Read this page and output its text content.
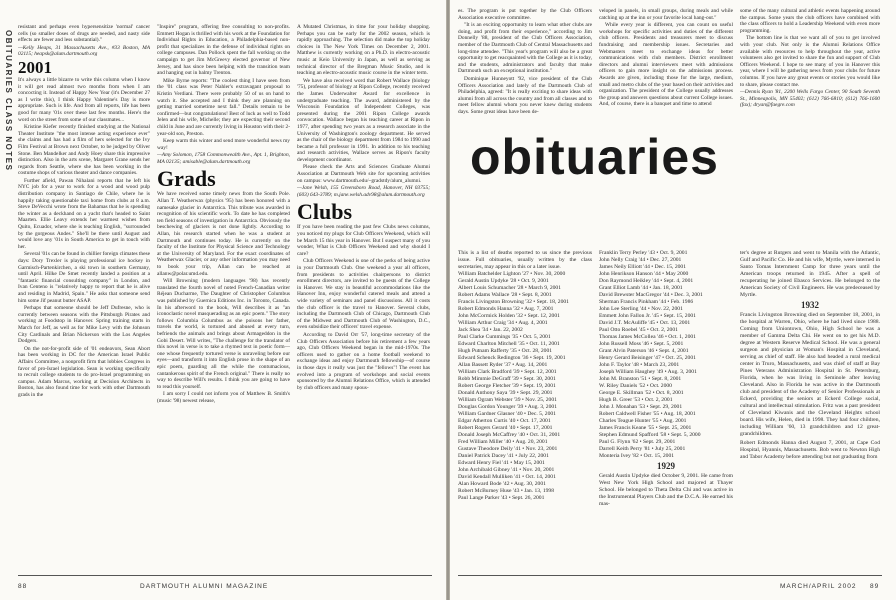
OBITUARIES CLASS NOTES

resistant and perhaps even hypersensitize 'normal' cancer cells (so smaller doses of drugs are needed, and nasty side effects are fewer and less substantial)."

—Kelly Heaps, 31 Massachusetts Ave., #33 Boston, MA 02115; heapsk@alum.dartmouth.org

2001

It's always a little bizarre to write this column when I know it will get read almost two months from when I am concocting it. Instead of Happy New Year (it's December 27 as I write this), I think Happy Valentine's Day is more appropriate. Such is life. And from all reports, life has been good for many '01s over these last few months. Here's the word on the street from some of our classmates...

Kristine Kiefer recently finished studying at the National Theater Institute "the most intense acting experience ever" she claims and has had a film of hers selected for the Ivy Film Festival at Brown next October, to be judged by Oliver Stone. Ben Mandelker and Andy Hoey share this impressive distinction. Also in the arts scene, Margaret Grane sends her regards from Seattle, where she has been working in the costume shops of various theater and dance companies.

Further afield, Pawan Nihalani reports that he left his NYC job for a year to work for a wood and wood pulp distribution company in Santiago de Chile, where he is happily taking questionable taxi home from clubs at 8 a.m. Steve DeVecchi wrote from the Bahamas that he is spending the winter as a deckhand on a yacht that's headed to Saint Maarten. Ellie Leavy extends her warmest wishes from Quito, Ecuador, where she is teaching English, "surrounded by the gorgeous Andes." She'll be there until August and would love any '01s in South America to get in touch with her.

Several '01s can be found in chillier foreign climates these days: Dory Trexler is playing professional ice hockey in Garmisch-Partenkirchen, a ski town in southern Germany, until April. Hilke De Smet recently landed a position at a "fantastic financial consulting company" in London, and Ivan Centeno is "relatively happy to report that he is alive and residing in Madrid, Spain." He asks that someone send him some Jif peanut butter ASAP.

Perhaps that someone should be Jeff Dufresne, who is currently between seasons with the Pittsburgh Pirates and working at Foodstop in Hanover. Spring training starts in March for Jeff, as well as for Mike Levy with the Johnson City Cardinals and Brian Nickerson with the Los Angeles Dodgers.

On the not-for-profit side of '01 endeavors, Sean Abort has been working in DC for the American Israel Public Affairs Committee, a nonprofit firm that lobbies Congress in favor of pro-Israel legislation. Sean is working specifically to recruit college students to do pro-Israel programming on campus. Adam Marcus, working at Decision Architects in Boston, has also found time for work with other Dartmouth grads in the

"Inspire" program, offering free consulting to non-profits. Emmett Hogan is thrilled with his work at the Foundation for Individual Rights in Education, a Philadelphia-based non-profit that specializes in the defense of individual rights on college campuses. Dan Pollock spent the fall working on the campaign to get Jim McGreevy elected governor of New Jersey, and has since been helping with the transition team and hanging out in balmy Trenton.

Mike Byrne reports: "The coolest thing I have seen from the '01 class was Peter Nahler's extravagant proposal to Kristin Verdiani. There were probably 50 of us on hand to watch it. She accepted and I think they are planning on getting married sometime next fall." Details remain to be confirmed—but congratulations! Best of luck as well to Todd Jelen and his wife, Michelle; they are expecting their second child in June and are currently living in Houston with their 2-year-old son, Preston.

Keep warm this winter and send more wonderful news my way!

—Amy Solomon, 1758 Commonwealth Ave., Apt. 1, Brighton, MA 02135; amisable@alum.dartmouth.org

Grads

We have received some timely news from the South Pole. Allan T. Weatherwax (physics '95) has been honored with a namesake glacier in Antarctica. This tribute was awarded in recognition of his scientific work. To date he has completed ten field seasons of investigation in Antarctica. Obviously the beschewing of glaciers is not done lightly. According to Allan, his research started when he was a student at Dartmouth and continues today. He is currently on the faculty of the Institute for Physical Science and Technology at the University of Maryland. For the exact coordinates of Weatherwax Glacier, or any other information you may need to book your trip, Allan can be reached at allanw@polar.umd.edu.

Will Browning (modern languages '98) has recently translated the fourth novel of noted French-Canadian writer Réjean Ducharme, The Daughter of Christopher Columbus was published by Guernica Editions Inc. in Toronto, Canada. In his afterword to the book, Will describes it as "an iconoclastic novel masquerading as an epic poem." The story follows Columbia Columbus as she poisons her father, travels the world, is tortured and abused at every turn, befriends the animals and brings about Armageddon in the Gobi Desert. Will writes, "The challenge for the translator of this novel in verse is to take a rhymed text in poetic form—one whose frequently tortured verse is unraveling before our eyes—and transform it into English prose in the shape of an epic poem, guarding all the while the contumacious, cantankerous spirit of the French original." There is really no way to describe Will's results. I think you are going to have to read this yourself.

I am sorry I could not inform you of Matthew B. Smith's (music '98) newest release,

A Mutated Christmas, in time for your holiday shopping. Perhaps you can be early for the 2002 season, which is rapidly approaching. The selection did make the top holiday choices in The New York Times on December 2, 2001. Matthew is currently working on a Ph.D. in electro-acoustic music at Keio University in Japan, as well as serving as technical director of the Bregman Music Studio, and is teaching an electro-acoustic music course in the winter term.

We have also received word that Robert Wallace (biology '75), professor of biology at Ripon College, recently received the James Underwalter Award for excellence in undergraduate teaching. The award, administered by the Wisconsin Foundation of Independent Colleges, was presented during the 2001 Ripon College awards convocation. Wallace began his teaching career at Ripon in 1977, after spending two years as a research associate in the University of Washington's zoology department. He served as the chair of the biology department from 1984 to 1990 and became a full professor in 1991. In addition to his teaching and research activities, Wallace serves as Ripon's faculty development coordinator.

Please check the Arts and Sciences Graduate Alumni Association at Dartmouth Web site for upcoming activities on campus: www.dartmouth.edu/~gradstdy/alum_alumni.

—Jane Welsh, 155 Greensboro Road, Hanover, NH 03755; (603) 643-3789; m.jane.welsh.adv98@alum.dartmouth.org

Clubs

If you have been reading the past few Clubs news columns, you noticed my plugs for Club Officers Weekend, which will be March 15 this year in Hanover. But I suspect many of you wonder, What is Club Officers Weekend and why should I care?

Club Officers Weekend is one of the perks of being active in your Dartmouth Club. One weekend a year all officers, from presidents to activities chairpersons to district enrollment directors, are invited to be guests of the College in Hanover. We stay in beautiful accommodations like the Hanover Inn, enjoy wonderful catered meals and attend a wide variety of seminars and panel discussions. All it costs the club officer is the travel to Hanover. Several clubs, including the Dartmouth Club of Chicago, Dartmouth Club of the Midwest and Dartmouth Club of Washington, D.C., even subsidize their officers' travel expense.

According to David Orr '57, long-time secretary of the Club Officers Association before his retirement a few years ago, Club Officers Weekend began in the mid-1970s. The officers used to gather on a home football weekend to exchange ideas and enjoy Dartmouth fellowship—of course in those days it really was just the "fellows"! The event has evolved into a program of workshops and social events sponsored by the Alumni Relations Office, which is attended by club officers and many spous-

88	DARTMOUTH ALUMNI MAGAZINE

es. The program is put together by the Club Officers Association executive committee.

"It is an exciting opportunity to learn what other clubs are doing, and profit from their experience," according to Jim Donnelly '88, president of the Club Officers Association, member of the Dartmouth Club of Central Massachusetts and long-time attendee. "This year's program will also be a great opportunity to get reacquainted with the College as it is today, and the students, administrators and faculty that make Dartmouth such an exceptional institution."

Dominique Hunneyott '92, vice president of the Club Officers Association and lately of the Dartmouth Club of Philadelphia, agreed: "It is really exciting to share ideas with alumni from all across the country and from all classes and to meet fellow alumni whom you never knew during students days. Some great ideas have been de-

veloped in panels, in small groups, during meals and while catching up at the inn or your favorite local hang-out."

While every year is different, you can count on useful workshops for specific activities and duties of the different club officers. Presidents and treasurers meet to discuss fundraising and membership issues. Secretaries and Webmasters meet to exchange ideas for better communications with club members. District enrollment directors and alumni interviewers meet with admissions officers to gain more insight on the admissions process. Awards are given, including those for the large, medium, small and metro clubs of the year based on their activities and organization. The president of the College usually addresses the group and answers questions about current College issues. And, of course, there is a banquet and time to attend

some of the many cultural and athletic events happening around the campus. Some years the club officers have combined with the class officers to hold a Leadership Weekend with even more programming.

The bottom line is that we want all of you to get involved with your club. Not only is the Alumni Relations Office available with resources to help throughout the year, active volunteers also get invited to share the fun and support of Club Officers Weekend. I hope to see many of you in Hanover this year, where I will be gathering news from your clubs for future columns. If you have any great events or stories you would like to share, please contact me.

—Dennis Ryan '81, 2200 Wells Fargo Center, 90 South Seventh St., Minneapolis, MN 55402; (612) 766-6810; (612) 766-1600 (fax); dryan@faegre.com

obituaries
This is a list of deaths reported to us since the previous issue. Full obituaries, usually written by the class secretaries, may appear in this or a later issue.
William Batchelder Lighton '27 • Nov. 30, 2000
Gerald Austin Updyke '28 • Oct. 9, 2001
Albert Louis Schumacher '28 • March 9, 2001
Robert Adams Wallace '28 • Sept. 8, 2001
Francis Livingston Browning '32 • Sept. 18, 2001
Robert Edmonds Hanna '32 • Aug. 7, 2001
John McCormick Holden '32 • Sept. 12, 2001
William Arthur Craig '34 • Aug. 4, 2001
Jack Shea '34 • Jan. 22, 2002
Paul Clarke Cummings '35 • Oct. 5, 2001
Edward Charlton Mitchell '35 • Oct. 11, 2001
Hugh Putnam Rafferty '35 • Oct. 28, 2001
Edward Schenck Redington '36 • Sept. 19, 2001
Allan Bassett Ryder '37 • Aug. 14, 2001
William Clark Bradford '39 • Sept. 12, 2001
Robb Mimmie DeGraff '39 • Sept. 30, 2001
Robert George Fletcher '39 • Sept. 19, 2001
Donald Anthony Saya '39 • Sept. 29, 2001
William Ogram Webster '39 • Nov. 25, 2001
Douglas Gordon Younger '39 • Aug. 3, 2001
William Gardner Glasner '40 • Dec. 5, 2001
Edgar Atherton Curtis '40 • Oct. 17, 2001
Robert Rogers Gerard '40 • Sept. 17, 2001
Donald Joseph McCaffrey '40 • Oct. 31, 2001
Fred William Miller '40 • Aug. 20, 2001
Gustave Theodore Deily '41 • Nov. 23, 2001
Daniel Patrick Dacey '41 • July 22, 2001
Edward Henry Fiel '41 • May 15, 2001
John Archibald Gibney '41 • Nov. 20, 2001
David Kendall Mulliken '41 • Oct. 14, 2001
Alan Howard Bode '42 • Aug. 30, 2001
Robert McBurney Huse '43 • Jan. 13, 1998
Paul Lange Parker '43 • Sept. 26, 2001
Franklin Terry Perley '43 • Oct. 9, 2001
John Nelly Craig '44 • Dec. 27, 2001
James Neily Elliott '44 • Dec. 15, 2001
John Henrikson Hanson '44 • May 2000
Don Raymond Heikley '44 • Sept. 4, 2001
Grant Elliot Lamb '44 • Jan. 18, 2001
David Brewster MacGregor '44 • Dec. 3, 2001
Sherman Francis Pinkham '44 • Feb. 1986
John Lee Sterling '44 • Nov. 22, 2001
Emmett John Fallon Jr. '45 • Sept. 15, 2001
David J.T. McAuliffe '45 • Oct. 13, 2001
Paul Otto Roebel '45 • Oct. 2, 2001
Thomas James McCollea '46 • Oct. 1, 2001
John Russell Moss '46 • Sept. 5, 2001
Grant Alvin Paterson '46 • Sept. 4, 2001
Henry Gerard Beisinger '47 • Oct. 25, 2001
John F. Taylor '48 • March 23, 2001
Joseph William Haughey '49 • Aug. 3, 2001
John M. Branston '51 • Sept. 8, 2001
W. Riley Daniels '52 • Oct. 2000
George E. Skillman '52 • Oct. 8, 2001
Hugh B. Greer '53 • Oct. 2, 2001
John J. Monahan '53 • Sept. 29, 2001
Robert Caldwell Fisher '55 • Aug. 18, 2001
Charles Teague Hunter '55 • Aug. 2001
James Francis Keane '55 • Sept. 25, 2001
Stephen Edmund Spafford '58 • Sept. 5, 2000
Paul G. Flynn '62 • Sept. 29, 2001
Darrell Keith Perry '81 • July 25, 2001
Monteria Ivey '82 • Oct. 15, 2001
1929
Gerald Austin Updyke died October 9, 2001. He came from West New York High School and majored at Thayer School. He belonged to Theta Delta Chi and was active in the Instrumental Players Club and the D.C.A. He earned his mas-
ter's degree at Rutgers and went to Manila with the Atlantic, Gulf and Pacific Co. He and his wife, Myrtle, were interned in Santo Tomas Internment Camp for three years until the American troops returned in 1945. After a spell of recuperating he joined Ebasco Services. He belonged to the American Society of Civil Engineers. He was predeceased by Myrtle.
1932
Francis Livingston Browning died on September 18, 2001, in the hospital at Warren, Ohio, where he had lived since 1988. Coming from Uniontown, Ohio, High School he was a member of Gamma Delta Chi. He went on to get his M.D. degree at Western Reserve Medical School. He was a general surgeon and physician at Woman's Hospital in Cleveland, serving as chief of staff. He also had headed a rural medical center in Truro, Massachusetts, and was chief of staff at Bay Pines Veterans Administration Hospital in St. Petersburg, Florida, when he was living in Seminole after leaving Cleveland. Also in Florida he was active in the Dartmouth club and president of the Academy of Senior Professionals at Eckerd, providing the seniors at Eckerd College social, cultural and intellectual stimulation. Fritz was a past president of Cleveland Kiwanis and the Cleveland Heights school board. His wife, Helen, died in 1998. They had four children, including William '60, 13 grandchildren and 12 great-grandchildren.
Robert Edmonds Hanna died August 7, 2001, at Cape Cod Hospital, Hyannis, Massachusetts. Bob went to Newton High and Tabor Academy before attending but not graduating from
MARCH/APRIL 2002 89
